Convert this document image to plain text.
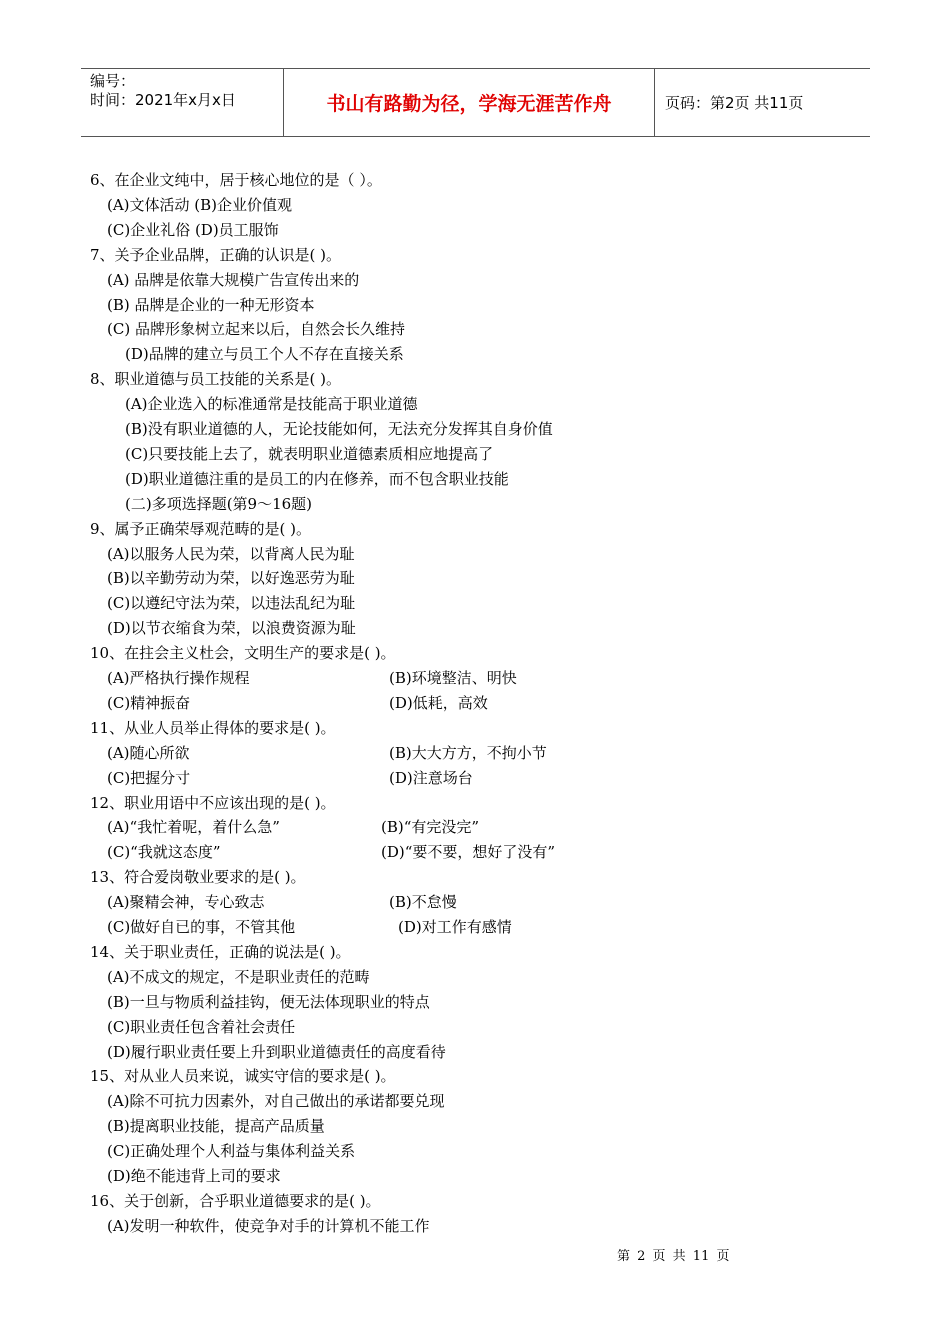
编号：
时间：2021年x月x日	书山有路勤为径，学海无涯苦作舟	页码：第2页 共11页
6、在企业文纯中，居于核心地位的是（ ）。
(A)文体活动 (B)企业价值观
(C)企业礼俗 (D)员工服饰
7、关予企业品牌，正确的认识是( )。
(A) 品牌是依靠大规模广告宣传出来的
(B) 品牌是企业的一种无形资本
(C) 品牌形象树立起来以后，自然会长久维持
(D)品牌的建立与员工个人不存在直接关系
8、职业道德与员工技能的关系是( )。
(A)企业选入的标准通常是技能高于职业道德
(B)没有职业道德的人，无论技能如何，无法充分发挥其自身价值
(C)只要技能上去了，就表明职业道德素质相应地提高了
(D)职业道德注重的是员工的内在修养，而不包含职业技能
(二)多项选择题(第9～16题)
9、属予正确荣辱观范畴的是( )。
(A)以服务人民为荣，以背离人民为耻
(B)以辛勤劳动为荣，以好逸恶劳为耻
(C)以遵纪守法为荣，以违法乱纪为耻
(D)以节衣缩食为荣，以浪费资源为耻
10、在拄会主义杜会，文明生产的要求是( )。
(A)严格执行操作规程	(B)环境整洁、明快
(C)精神振奋	(D)低耗，高效
11、从业人员举止得体的要求是( )。
(A)随心所欲	(B)大大方方，不拘小节
(C)把握分寸	(D)注意场台
12、职业用语中不应该出现的是( )。
(A)“我忙着呢，着什么急”	(B)“有完没完”
(C)“我就这态度”	(D)“要不要，想好了没有”
13、符合爱岗敬业要求的是( )。
(A)聚精会神，专心致志	(B)不怠慢
(C)做好自已的事，不管其他	(D)对工作有感情
14、关于职业责任，正确的说法是( )。
(A)不成文的规定，不是职业责任的范畴
(B)一旦与物质利益挂钩，便无法体现职业的特点
(C)职业责任包含着社会责任
(D)履行职业责任要上升到职业道德责任的高度看待
15、对从业人员来说，诚实守信的要求是( )。
(A)除不可抗力因素外，对自己做出的承诺都要兑现
(B)提离职业技能，提高产品质量
(C)正确处理个人利益与集体利益关系
(D)绝不能违背上司的要求
16、关于创新，合乎职业道德要求的是( )。
(A)发明一种软件，使竞争对手的计算机不能工作
第 2 页 共 11 页
